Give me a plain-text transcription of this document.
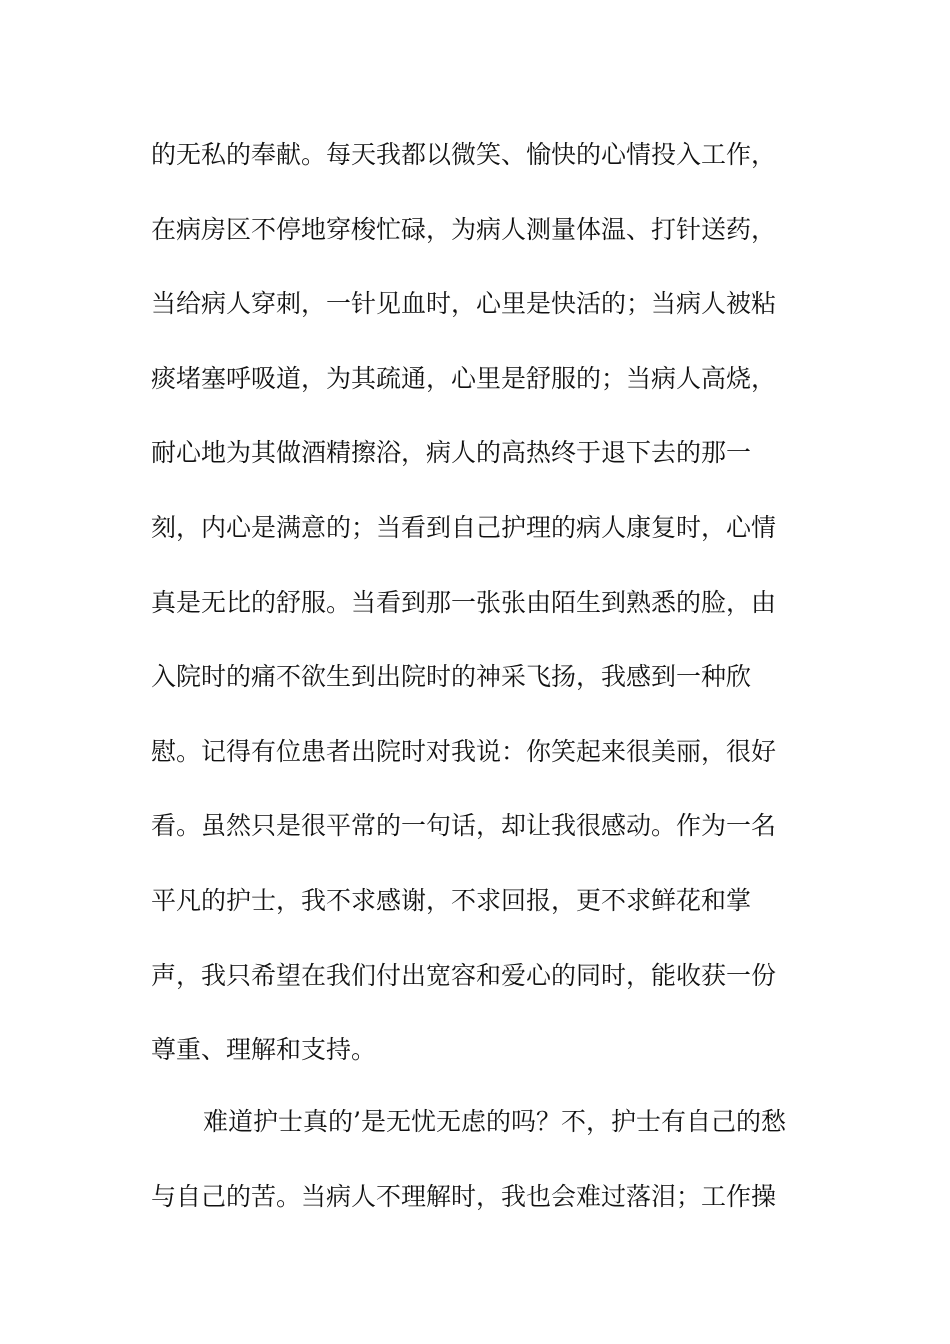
的无私的奉献。每天我都以微笑、愉快的心情投入工作，
在病房区不停地穿梭忙碌，为病人测量体温、打针送药，
当给病人穿刺，一针见血时，心里是快活的；当病人被粘
痰堵塞呼吸道，为其疏通，心里是舒服的；当病人高烧，
耐心地为其做酒精擦浴，病人的高热终于退下去的那一
刻，内心是满意的；当看到自己护理的病人康复时，心情
真是无比的舒服。当看到那一张张由陌生到熟悉的脸，由
入院时的痛不欲生到出院时的神采飞扬，我感到一种欣
慰。记得有位患者出院时对我说：你笑起来很美丽，很好
看。虽然只是很平常的一句话，却让我很感动。作为一名
平凡的护士，我不求感谢，不求回报，更不求鲜花和掌
声，我只希望在我们付出宽容和爱心的同时，能收获一份
尊重、理解和支持。
难道护士真的’是无忧无虑的吗？不，护士有自己的愁
与自己的苦。当病人不理解时，我也会难过落泪；工作操
